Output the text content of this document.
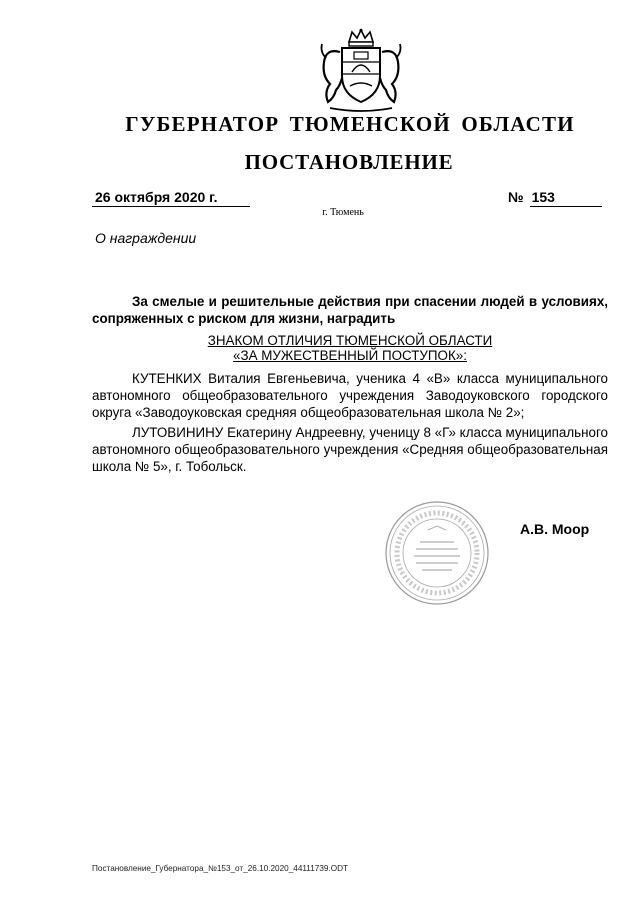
ГУБЕРНАТОР ТЮМЕНСКОЙ ОБЛАСТИ
ПОСТАНОВЛЕНИЕ
26 октября 2020 г.	№ 153
г. Тюмень
О награждении
За смелые и решительные действия при спасении людей в условиях, сопряженных с риском для жизни, наградить
ЗНАКОМ ОТЛИЧИЯ ТЮМЕНСКОЙ ОБЛАСТИ
«ЗА МУЖЕСТВЕННЫЙ ПОСТУПОК»:
КУТЕНКИХ Виталия Евгеньевича, ученика 4 «В» класса муниципального автономного общеобразовательного учреждения Заводоуковского городского округа «Заводоуковская средняя общеобразовательная школа № 2»;
ЛУТОВИНИНУ Екатерину Андреевну, ученицу 8 «Г» класса муниципального автономного общеобразовательного учреждения «Средняя общеобразовательная школа № 5», г. Тобольск.
А.В. Моор
Постановление_Губернатора_№153_от_26.10.2020_44111739.ODT
